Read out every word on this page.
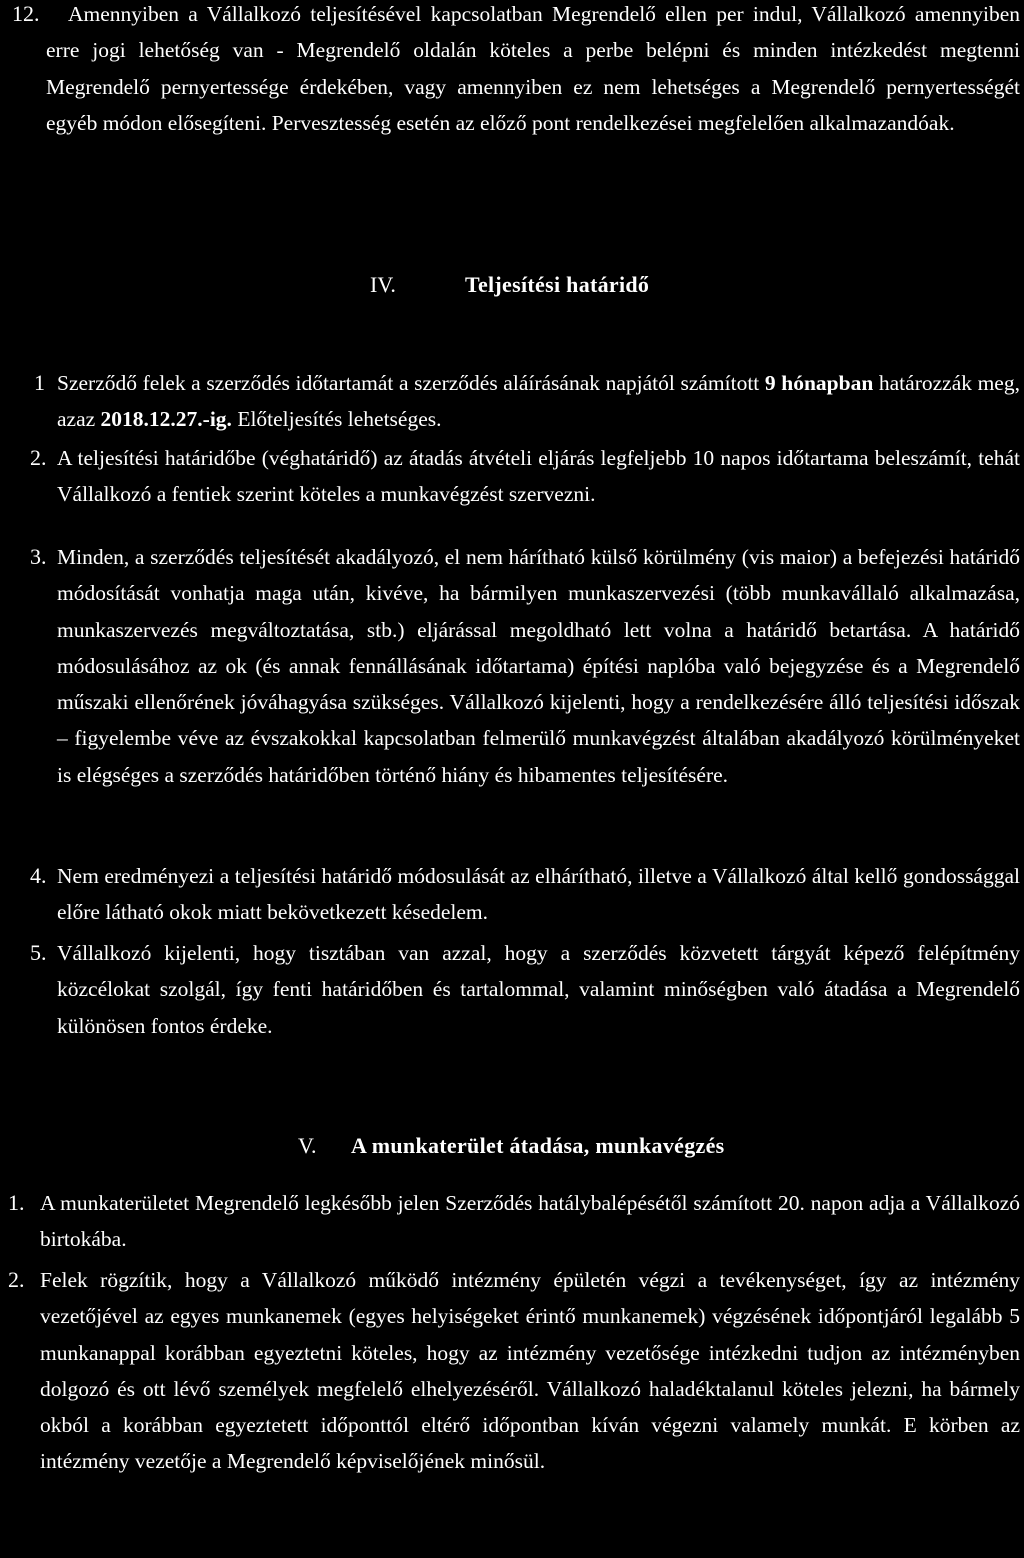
12.	Amennyiben a Vállalkozó teljesítésével kapcsolatban Megrendelő ellen per indul, Vállalkozó amennyiben erre jogi lehetőség van - Megrendelő oldalán köteles a perbe belépni és minden intézkedést megtenni Megrendelő pernyertessége érdekében, vagy amennyiben ez nem lehetséges a Megrendelő pernyertességét egyéb módon elősegíteni. Pervesztesség esetén az előző pont rendelkezései megfelelően alkalmazandóak.
IV.	Teljesítési határidő
1 Szerződő felek a szerződés időtartamát a szerződés aláírásának napjától számított 9 hónapban határozzák meg, azaz 2018.12.27.-ig. Előteljesítés lehetséges.
2. A teljesítési határidőbe (véghatáridő) az átadás átvételi eljárás legfeljebb 10 napos időtartama beleszámít, tehát Vállalkozó a fentiek szerint köteles a munkavégzést szervezni.
3. Minden, a szerződés teljesítését akadályozó, el nem hárítható külső körülmény (vis maior) a befejezési határidő módosítását vonhatja maga után, kivéve, ha bármilyen munkaszervezési (több munkavállaló alkalmazása, munkaszervezés megváltoztatása, stb.) eljárással megoldható lett volna a határidő betartása. A határidő módosulásához az ok (és annak fennállásának időtartama) építési naplóba való bejegyzése és a Megrendelő műszaki ellenőrének jóváhagyása szükséges. Vállalkozó kijelenti, hogy a rendelkezésére álló teljesítési időszak – figyelembe véve az évszakokkal kapcsolatban felmerülő munkavégzést általában akadályozó körülményeket is elégséges a szerződés határidőben történő hiány és hibamentes teljesítésére.
4. Nem eredményezi a teljesítési határidő módosulását az elhárítható, illetve a Vállalkozó által kellő gondossággal előre látható okok miatt bekövetkezett késedelem.
5. Vállalkozó kijelenti, hogy tisztában van azzal, hogy a szerződés közvetett tárgyát képező felépítmény közcélokat szolgál, így fenti határidőben és tartalommal, valamint minőségben való átadása a Megrendelő különösen fontos érdeke.
V. A munkaterület átadása, munkavégzés
1. A munkaterületet Megrendelő legkésőbb jelen Szerződés hatálybalépésétől számított 20. napon adja a Vállalkozó birtokába.
2. Felek rögzítik, hogy a Vállalkozó működő intézmény épületén végzi a tevékenységet, így az intézmény vezetőjével az egyes munkanemek (egyes helyiségeket érintő munkanemek) végzésének időpontjáról legalább 5 munkanappal korábban egyeztetni köteles, hogy az intézmény vezetősége intézkedni tudjon az intézményben dolgozó és ott lévő személyek megfelelő elhelyezéséről. Vállalkozó haladéktalanul köteles jelezni, ha bármely okból a korábban egyeztetett időponttól eltérő időpontban kíván végezni valamely munkát. E körben az intézmény vezetője a Megrendelő képviselőjének minősül.
